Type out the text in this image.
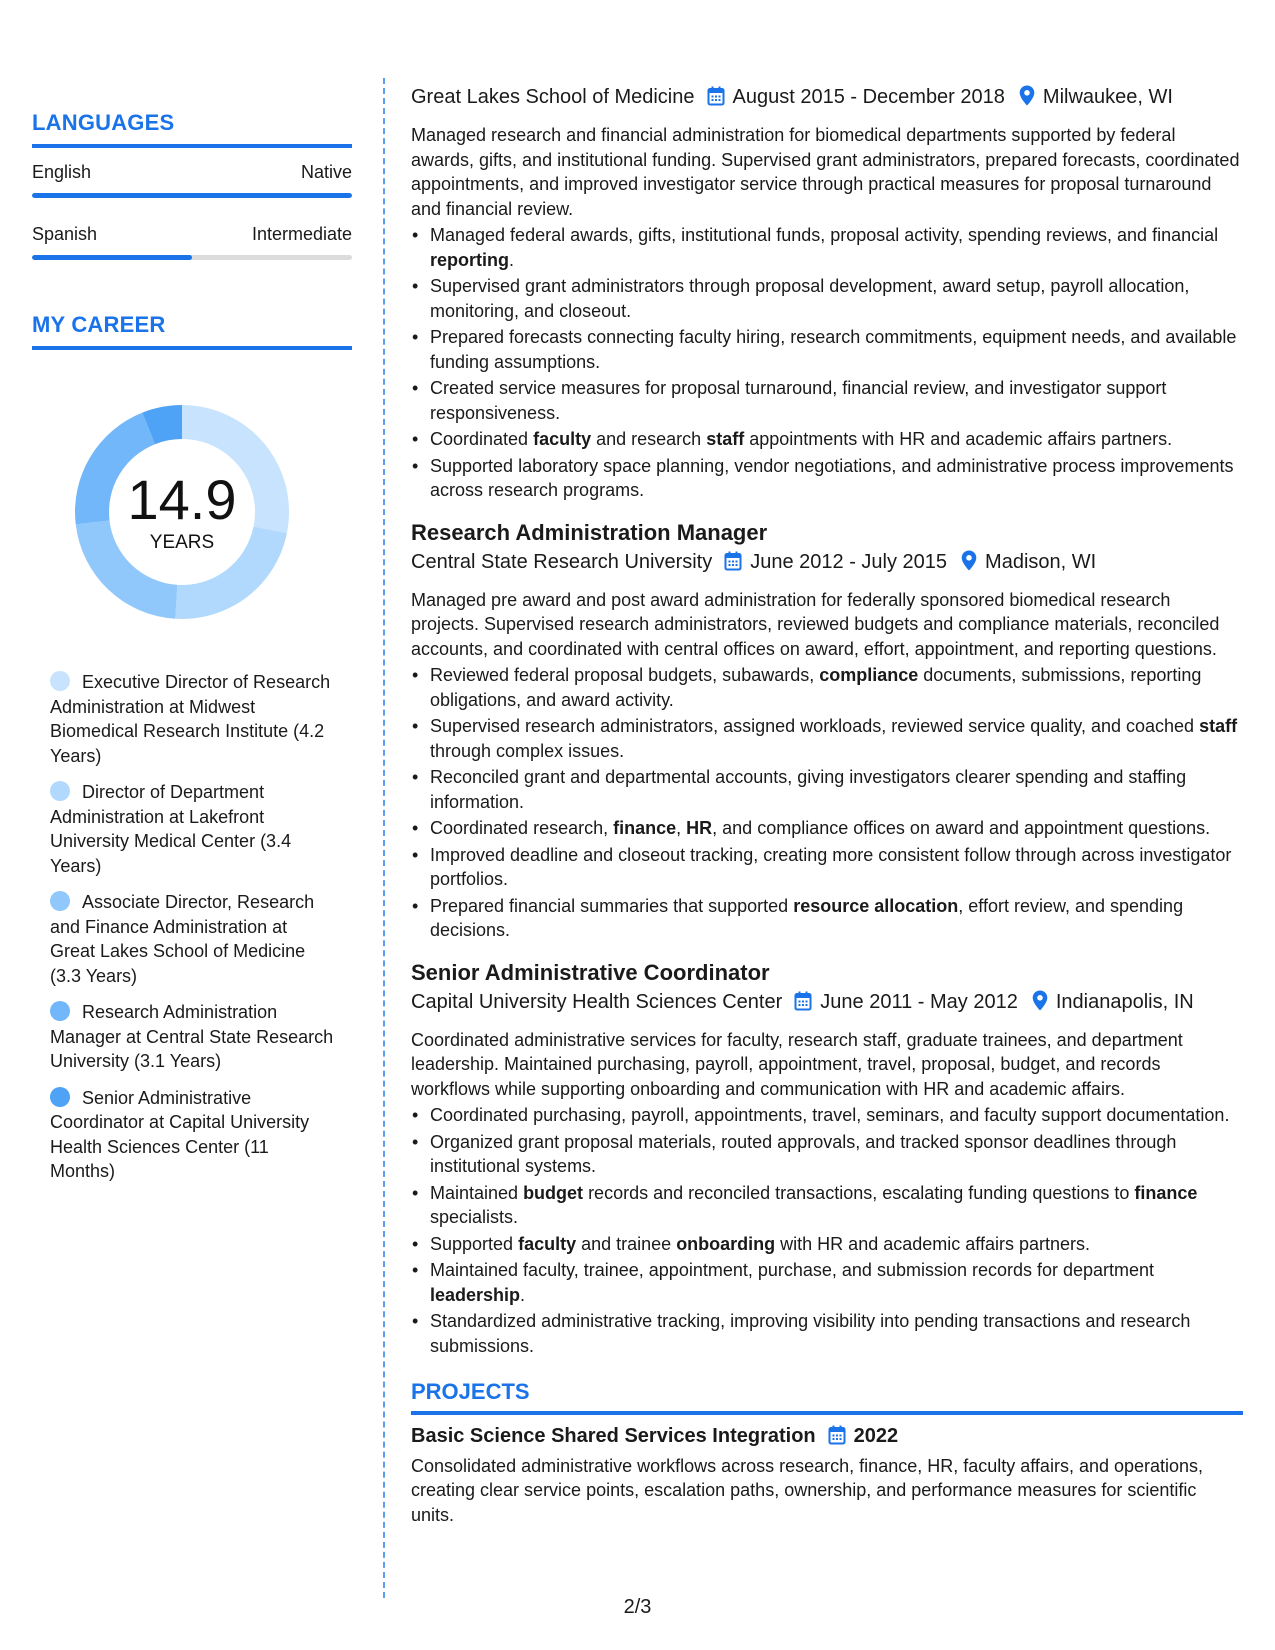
LANGUAGES
English	Native
Spanish	Intermediate
MY CAREER
14.9
YEARS
Executive Director of Research Administration at Midwest Biomedical Research Institute (4.2 Years)
Director of Department Administration at Lakefront University Medical Center (3.4 Years)
Associate Director, Research and Finance Administration at Great Lakes School of Medicine (3.3 Years)
Research Administration Manager at Central State Research University (3.1 Years)
Senior Administrative Coordinator at Capital University Health Sciences Center (11 Months)
Great Lakes School of Medicine August 2015 - December 2018 Milwaukee, WI
Managed research and financial administration for biomedical departments supported by federal awards, gifts, and institutional funding. Supervised grant administrators, prepared forecasts, coordinated appointments, and improved investigator service through practical measures for proposal turnaround and financial review.
• Managed federal awards, gifts, institutional funds, proposal activity, spending reviews, and financial reporting.
• Supervised grant administrators through proposal development, award setup, payroll allocation, monitoring, and closeout.
• Prepared forecasts connecting faculty hiring, research commitments, equipment needs, and available funding assumptions.
• Created service measures for proposal turnaround, financial review, and investigator support responsiveness.
• Coordinated faculty and research staff appointments with HR and academic affairs partners.
• Supported laboratory space planning, vendor negotiations, and administrative process improvements across research programs.
Research Administration Manager
Central State Research University June 2012 - July 2015 Madison, WI
Managed pre award and post award administration for federally sponsored biomedical research projects. Supervised research administrators, reviewed budgets and compliance materials, reconciled accounts, and coordinated with central offices on award, effort, appointment, and reporting questions.
• Reviewed federal proposal budgets, subawards, compliance documents, submissions, reporting obligations, and award activity.
• Supervised research administrators, assigned workloads, reviewed service quality, and coached staff through complex issues.
• Reconciled grant and departmental accounts, giving investigators clearer spending and staffing information.
• Coordinated research, finance, HR, and compliance offices on award and appointment questions.
• Improved deadline and closeout tracking, creating more consistent follow through across investigator portfolios.
• Prepared financial summaries that supported resource allocation, effort review, and spending decisions.
Senior Administrative Coordinator
Capital University Health Sciences Center June 2011 - May 2012 Indianapolis, IN
Coordinated administrative services for faculty, research staff, graduate trainees, and department leadership. Maintained purchasing, payroll, appointment, travel, proposal, budget, and records workflows while supporting onboarding and communication with HR and academic affairs.
• Coordinated purchasing, payroll, appointments, travel, seminars, and faculty support documentation.
• Organized grant proposal materials, routed approvals, and tracked sponsor deadlines through institutional systems.
• Maintained budget records and reconciled transactions, escalating funding questions to finance specialists.
• Supported faculty and trainee onboarding with HR and academic affairs partners.
• Maintained faculty, trainee, appointment, purchase, and submission records for department leadership.
• Standardized administrative tracking, improving visibility into pending transactions and research submissions.
PROJECTS
Basic Science Shared Services Integration 2022
Consolidated administrative workflows across research, finance, HR, faculty affairs, and operations, creating clear service points, escalation paths, ownership, and performance measures for scientific units.
2/3
